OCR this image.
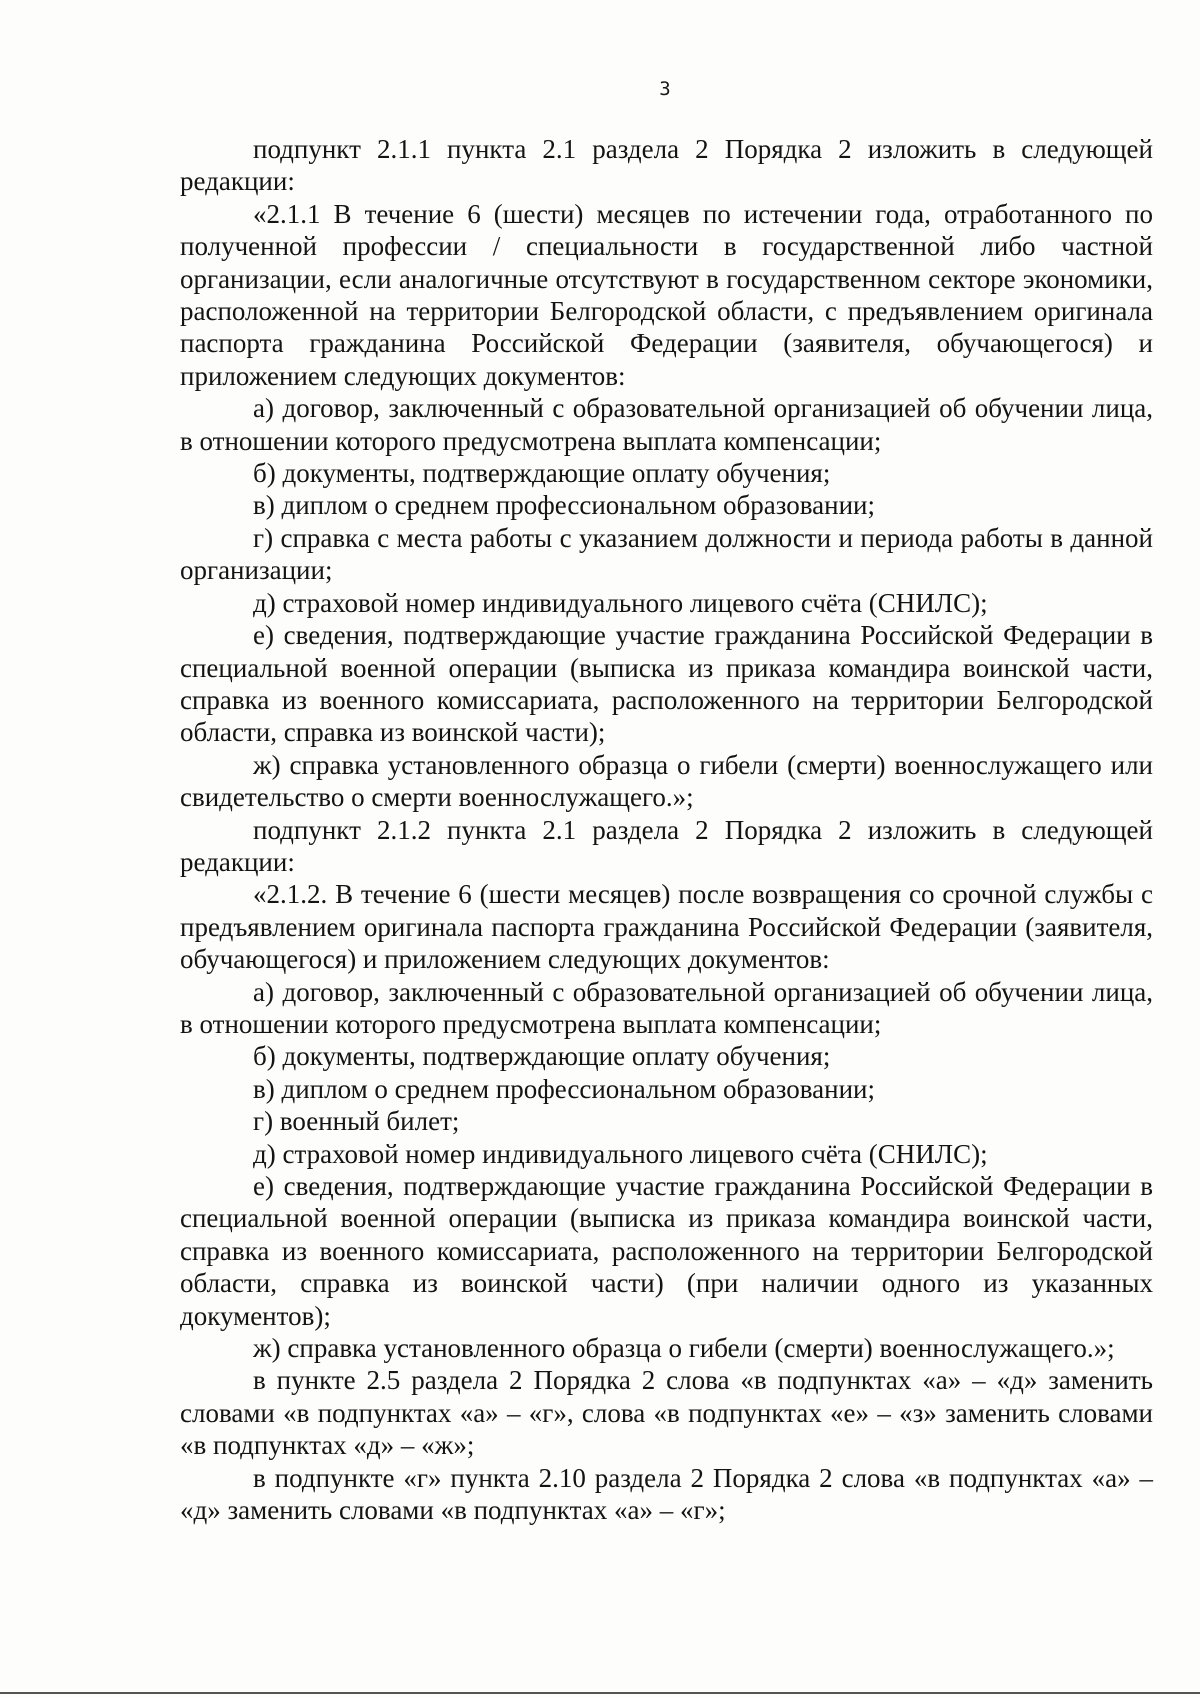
3

подпункт 2.1.1 пункта 2.1 раздела 2 Порядка 2 изложить в следующей редакции:

«2.1.1 В течение 6 (шести) месяцев по истечении года, отработанного по полученной профессии / специальности в государственной либо частной организации, если аналогичные отсутствуют в государственном секторе экономики, расположенной на территории Белгородской области, с предъявлением оригинала паспорта гражданина Российской Федерации (заявителя, обучающегося) и приложением следующих документов:

а) договор, заключенный с образовательной организацией об обучении лица, в отношении которого предусмотрена выплата компенсации;

б) документы, подтверждающие оплату обучения;

в) диплом о среднем профессиональном образовании;

г) справка с места работы с указанием должности и периода работы в данной организации;

д) страховой номер индивидуального лицевого счёта (СНИЛС);

е) сведения, подтверждающие участие гражданина Российской Федерации в специальной военной операции (выписка из приказа командира воинской части, справка из военного комиссариата, расположенного на территории Белгородской области, справка из воинской части);

ж) справка установленного образца о гибели (смерти) военнослужащего или свидетельство о смерти военнослужащего.»;

подпункт 2.1.2 пункта 2.1 раздела 2 Порядка 2 изложить в следующей редакции:

«2.1.2. В течение 6 (шести месяцев) после возвращения со срочной службы с предъявлением оригинала паспорта гражданина Российской Федерации (заявителя, обучающегося) и приложением следующих документов:

а) договор, заключенный с образовательной организацией об обучении лица, в отношении которого предусмотрена выплата компенсации;

б) документы, подтверждающие оплату обучения;

в) диплом о среднем профессиональном образовании;

г) военный билет;

д) страховой номер индивидуального лицевого счёта (СНИЛС);

е) сведения, подтверждающие участие гражданина Российской Федерации в специальной военной операции (выписка из приказа командира воинской части, справка из военного комиссариата, расположенного на территории Белгородской области, справка из воинской части) (при наличии одного из указанных документов);

ж) справка установленного образца о гибели (смерти) военнослужащего.»;

в пункте 2.5 раздела 2 Порядка 2 слова «в подпунктах «а» – «д» заменить словами «в подпунктах «а» – «г», слова «в подпунктах «е» – «з» заменить словами «в подпунктах «д» – «ж»;

в подпункте «г» пункта 2.10 раздела 2 Порядка 2 слова «в подпунктах «а» – «д» заменить словами «в подпунктах «а» – «г»;
